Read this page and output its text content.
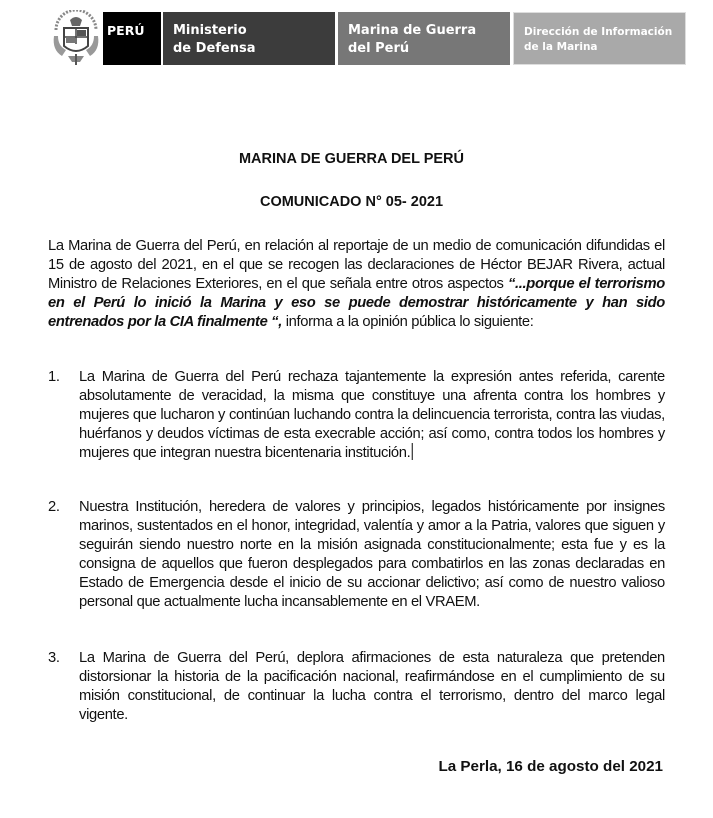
PERÚ	Ministerio
de Defensa
Marina de Guerra
del Perú
Dirección de Información
de la Marina
MARINA DE GUERRA DEL PERÚ
COMUNICADO N° 05- 2021
La Marina de Guerra del Perú, en relación al reportaje de un medio de comunicación difundidas el 15 de agosto del 2021, en el que se recogen las declaraciones de Héctor BEJAR Rivera, actual Ministro de Relaciones Exteriores, en el que señala entre otros aspectos “...porque el terrorismo en el Perú lo inició la Marina y eso se puede demostrar históricamente y han sido entrenados por la CIA finalmente “, informa a la opinión pública lo siguiente:
1. La Marina de Guerra del Perú rechaza tajantemente la expresión antes referida, carente absolutamente de veracidad, la misma que constituye una afrenta contra los hombres y mujeres que lucharon y continúan luchando contra la delincuencia terrorista, contra las viudas, huérfanos y deudos víctimas de esta execrable acción; así como, contra todos los hombres y mujeres que integran nuestra bicentenaria institución.
2. Nuestra Institución, heredera de valores y principios, legados históricamente por insignes marinos, sustentados en el honor, integridad, valentía y amor a la Patria, valores que siguen y seguirán siendo nuestro norte en la misión asignada constitucionalmente; esta fue y es la consigna de aquellos que fueron desplegados para combatirlos en las zonas declaradas en Estado de Emergencia desde el inicio de su accionar delictivo; así como de nuestro valioso personal que actualmente lucha incansablemente en el VRAEM.
3. La Marina de Guerra del Perú, deplora afirmaciones de esta naturaleza que pretenden distorsionar la historia de la pacificación nacional, reafirmándose en el cumplimiento de su misión constitucional, de continuar la lucha contra el terrorismo, dentro del marco legal vigente.
La Perla, 16 de agosto del 2021
